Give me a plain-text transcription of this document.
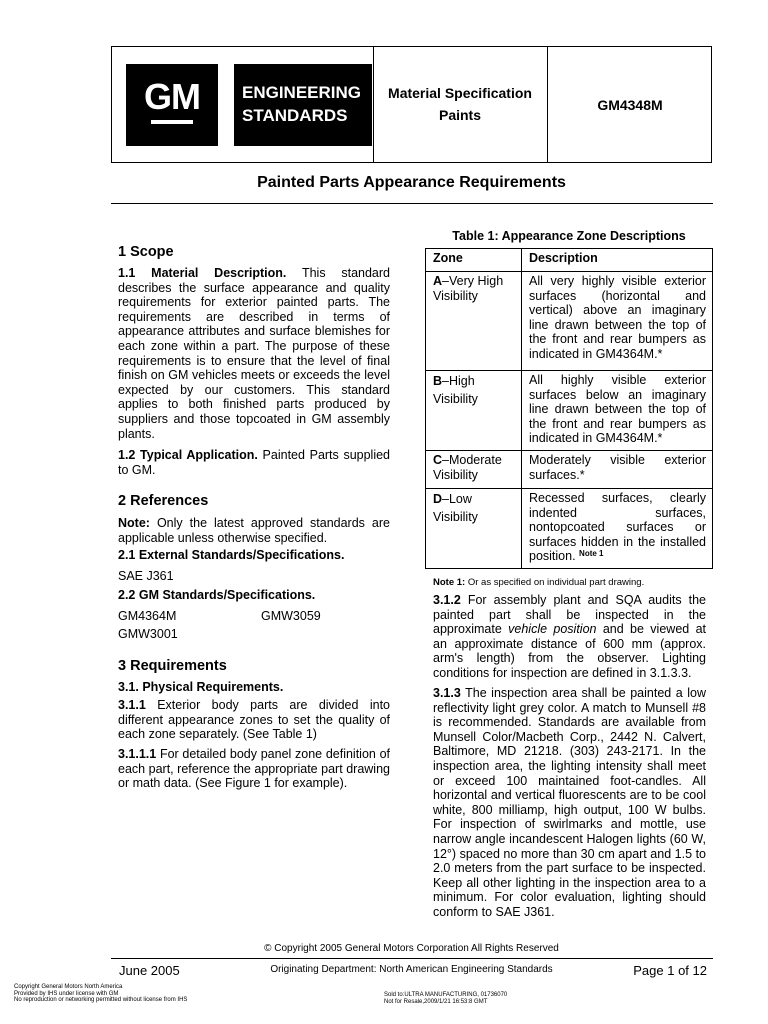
GM	ENGINEERING
STANDARDS
Material Specification
Paints
GM4348M
Painted Parts Appearance Requirements
1 Scope
1.1 Material Description. This standard describes the surface appearance and quality requirements for exterior painted parts. The requirements are described in terms of appearance attributes and surface blemishes for each zone within a part. The purpose of these requirements is to ensure that the level of final finish on GM vehicles meets or exceeds the level expected by our customers. This standard applies to both finished parts produced by suppliers and those topcoated in GM assembly plants.
1.2 Typical Application. Painted Parts supplied to GM.
2 References
Note: Only the latest approved standards are applicable unless otherwise specified.
2.1 External Standards/Specifications.
SAE J361
2.2 GM Standards/Specifications.
GM4364M	GMW3059
GMW3001
3 Requirements
3.1. Physical Requirements.
3.1.1 Exterior body parts are divided into different appearance zones to set the quality of each zone separately. (See Table 1)
3.1.1.1 For detailed body panel zone definition of each part, reference the appropriate part drawing or math data. (See Figure 1 for example).
Table 1: Appearance Zone Descriptions
Zone	Description
A–Very High Visibility	All very highly visible exterior surfaces (horizontal and vertical) above an imaginary line drawn between the top of the front and rear bumpers as indicated in GM4364M.*
B–High Visibility	All highly visible exterior surfaces below an imaginary line drawn between the top of the front and rear bumpers as indicated in GM4364M.*
C–Moderate Visibility	Moderately visible exterior surfaces.*
D–Low Visibility	Recessed surfaces, clearly indented surfaces, nontopcoated surfaces or surfaces hidden in the installed position. $^{Note 1}$
Note 1: Or as specified on individual part drawing.
3.1.2 For assembly plant and SQA audits the painted part shall be inspected in the approximate vehicle position and be viewed at an approximate distance of 600 mm (approx. arm's length) from the observer. Lighting conditions for inspection are defined in 3.1.3.3.
3.1.3 The inspection area shall be painted a low reflectivity light grey color. A match to Munsell #8 is recommended. Standards are available from Munsell Color/Macbeth Corp., 2442 N. Calvert, Baltimore, MD 21218. (303) 243-2171. In the inspection area, the lighting intensity shall meet or exceed 100 maintained foot-candles. All horizontal and vertical fluorescents are to be cool white, 800 milliamp, high output, 100 W bulbs. For inspection of swirlmarks and mottle, use narrow angle incandescent Halogen lights (60 W, 12°) spaced no more than 30 cm apart and 1.5 to 2.0 meters from the part surface to be inspected. Keep all other lighting in the inspection area to a minimum. For color evaluation, lighting should conform to SAE J361.
© Copyright 2005 General Motors Corporation All Rights Reserved
June 2005	Originating Department: North American Engineering Standards	Page 1 of 12
Copyright General Motors North America
Provided by IHS under license with GM
No reproduction or networking permitted without license from IHS
Sold to:ULTRA MANUFACTURING, 01736070
Not for Resale,2009/1/21 16:53:8 GMT
